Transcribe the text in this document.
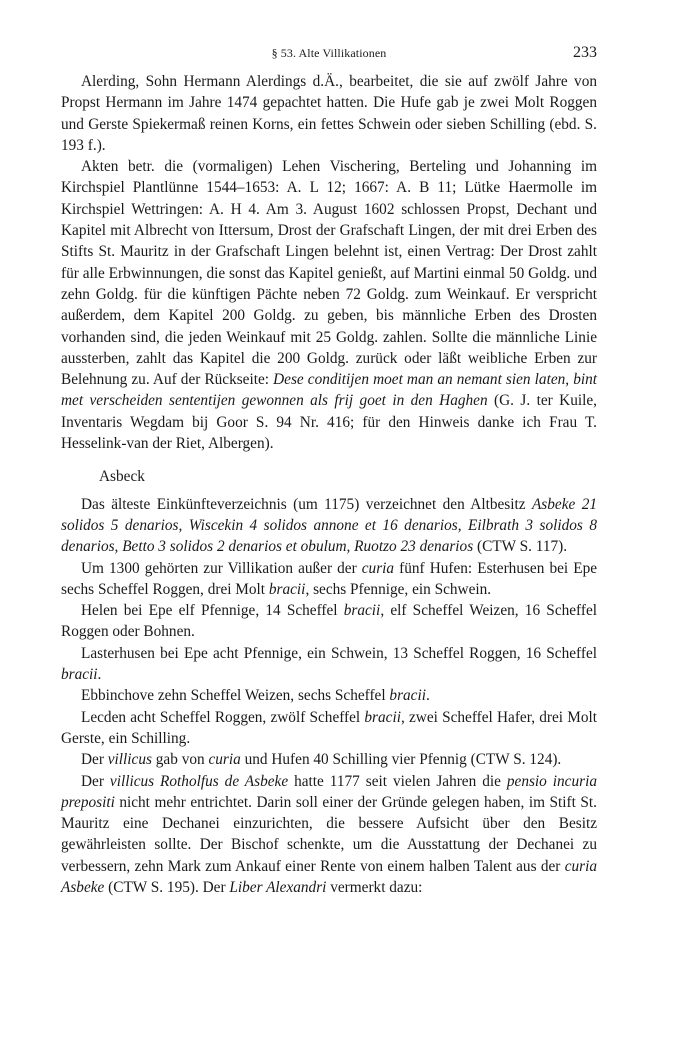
§ 53. Alte Villikationen	233

Alerding, Sohn Hermann Alerdings d.Ä., bearbeitet, die sie auf zwölf Jahre von Propst Hermann im Jahre 1474 gepachtet hatten. Die Hufe gab je zwei Molt Roggen und Gerste Spiekermaß reinen Korns, ein fettes Schwein oder sieben Schilling (ebd. S. 193 f.).

Akten betr. die (vormaligen) Lehen Vischering, Berteling und Johanning im Kirchspiel Plantlünne 1544–1653: A. L 12; 1667: A. B 11; Lütke Haermolle im Kirchspiel Wettringen: A. H 4. Am 3. August 1602 schlossen Propst, Dechant und Kapitel mit Albrecht von Ittersum, Drost der Grafschaft Lingen, der mit drei Erben des Stifts St. Mauritz in der Grafschaft Lingen belehnt ist, einen Vertrag: Der Drost zahlt für alle Erbwinnungen, die sonst das Kapitel genießt, auf Martini einmal 50 Goldg. und zehn Goldg. für die künftigen Pächte neben 72 Goldg. zum Weinkauf. Er verspricht außerdem, dem Kapitel 200 Goldg. zu geben, bis männliche Erben des Drosten vorhanden sind, die jeden Weinkauf mit 25 Goldg. zahlen. Sollte die männliche Linie aussterben, zahlt das Kapitel die 200 Goldg. zurück oder läßt weibliche Erben zur Belehnung zu. Auf der Rückseite: Dese conditijen moet man an nemant sien laten, bint met verscheiden sententijen gewonnen als frij goet in den Haghen (G. J. ter Kuile, Inventaris Wegdam bij Goor S. 94 Nr. 416; für den Hinweis danke ich Frau T. Hesselink-van der Riet, Albergen).

Asbeck

Das älteste Einkünfteverzeichnis (um 1175) verzeichnet den Altbesitz Asbeke 21 solidos 5 denarios, Wiscekin 4 solidos annone et 16 denarios, Eilbrath 3 solidos 8 denarios, Betto 3 solidos 2 denarios et obulum, Ruotzo 23 denarios (CTW S. 117).

Um 1300 gehörten zur Villikation außer der curia fünf Hufen: Esterhusen bei Epe sechs Scheffel Roggen, drei Molt bracii, sechs Pfennige, ein Schwein.

Helen bei Epe elf Pfennige, 14 Scheffel bracii, elf Scheffel Weizen, 16 Scheffel Roggen oder Bohnen.

Lasterhusen bei Epe acht Pfennige, ein Schwein, 13 Scheffel Roggen, 16 Scheffel bracii.

Ebbinchove zehn Scheffel Weizen, sechs Scheffel bracii.

Lecden acht Scheffel Roggen, zwölf Scheffel bracii, zwei Scheffel Hafer, drei Molt Gerste, ein Schilling.

Der villicus gab von curia und Hufen 40 Schilling vier Pfennig (CTW S. 124).

Der villicus Rotholfus de Asbeke hatte 1177 seit vielen Jahren die pensio incuria prepositi nicht mehr entrichtet. Darin soll einer der Gründe gelegen haben, im Stift St. Mauritz eine Dechanei einzurichten, die bessere Aufsicht über den Besitz gewährleisten sollte. Der Bischof schenkte, um die Ausstattung der Dechanei zu verbessern, zehn Mark zum Ankauf einer Rente von einem halben Talent aus der curia Asbeke (CTW S. 195). Der Liber Alexandri vermerkt dazu:
